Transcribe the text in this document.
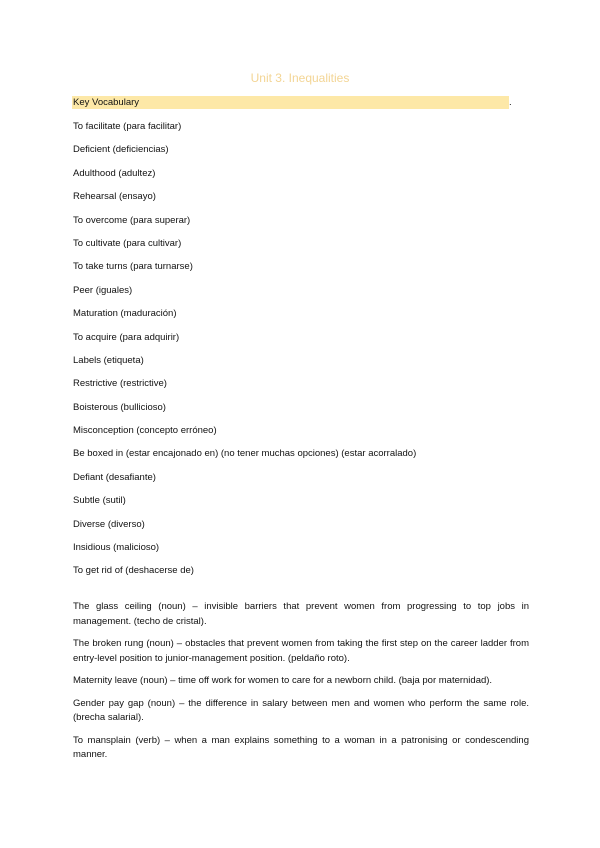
Unit 3. Inequalities
Key Vocabulary	.
To facilitate (para facilitar)
Deficient (deficiencias)
Adulthood (adultez)
Rehearsal (ensayo)
To overcome (para superar)
To cultivate (para cultivar)
To take turns (para turnarse)
Peer (iguales)
Maturation (maduración)
To acquire (para adquirir)
Labels (etiqueta)
Restrictive (restrictive)
Boisterous (bullicioso)
Misconception (concepto erróneo)
Be boxed in (estar encajonado en) (no tener muchas opciones) (estar acorralado)
Defiant (desafiante)
Subtle (sutil)
Diverse (diverso)
Insidious (malicioso)
To get rid of (deshacerse de)

The glass ceiling (noun) – invisible barriers that prevent women from progressing to top jobs in management. (techo de cristal).

The broken rung (noun) – obstacles that prevent women from taking the first step on the career ladder from entry-level position to junior-management position. (peldaño roto).

Maternity leave (noun) – time off work for women to care for a newborn child. (baja por maternidad).

Gender pay gap (noun) – the difference in salary between men and women who perform the same role. (brecha salarial).

To mansplain (verb) – when a man explains something to a woman in a patronising or condescending manner.
